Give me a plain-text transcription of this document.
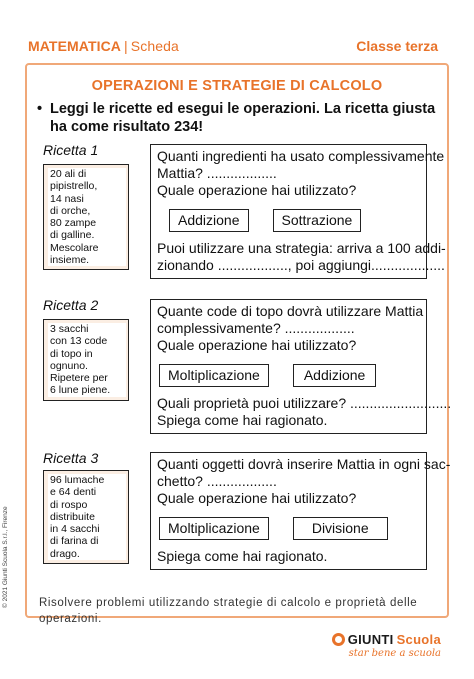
MATEMATICA | Scheda	Classe terza
OPERAZIONI E STRATEGIE DI CALCOLO
• Leggi le ricette ed esegui le operazioni. La ricetta giusta ha come risultato 234!
Ricetta 1
20 ali di
pipistrello,
14 nasi
di orche,
80 zampe
di galline.
Mescolare
insieme.
Quanti ingredienti ha usato complessivamente
Mattia? ..................
Quale operazione hai utilizzato?
Addizione	Sottrazione
Puoi utilizzare una strategia: arriva a 100 addi-
zionando .................., poi aggiungi...................
Ricetta 2
3 sacchi
con 13 code
di topo in
ognuno.
Ripetere per
6 lune piene.
Quante code di topo dovrà utilizzare Mattia
complessivamente? ..................
Quale operazione hai utilizzato?
Moltiplicazione	Addizione
Quali proprietà puoi utilizzare? ..........................
Spiega come hai ragionato.
Ricetta 3
96 lumache
e 64 denti
di rospo
distribuite
in 4 sacchi
di farina di
drago.
Quanti oggetti dovrà inserire Mattia in ogni sac-
chetto? ..................
Quale operazione hai utilizzato?
Moltiplicazione	Divisione
Spiega come hai ragionato.
Risolvere problemi utilizzando strategie di calcolo e proprietà delle operazioni.
© 2021 Giunti Scuola S.r.l., Firenze
GIUNTI Scuola
star bene a scuola
